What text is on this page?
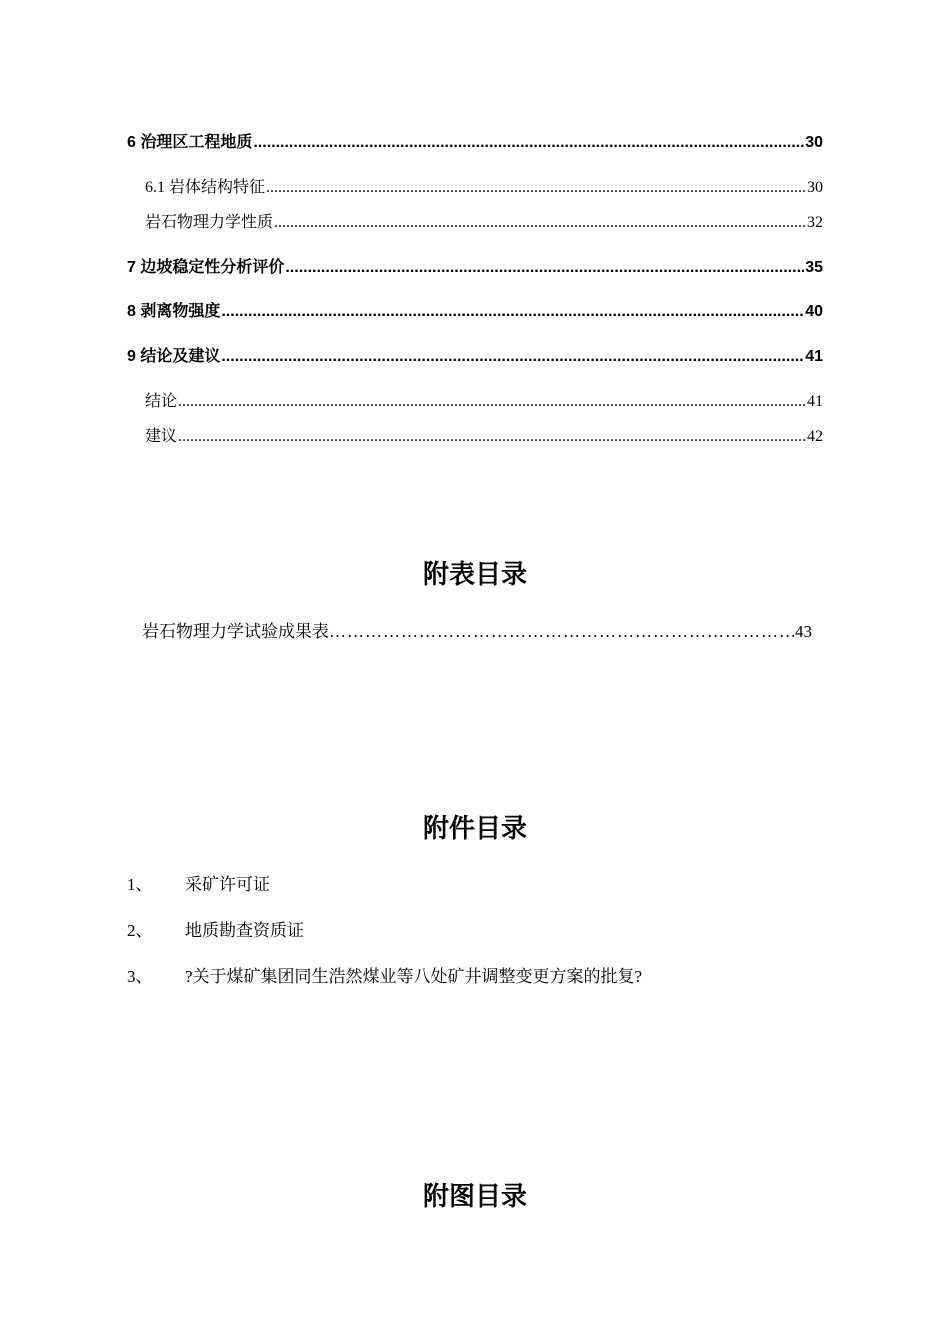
6 治理区工程地质 .....	30
6.1 岩体结构特征 .....	30
岩石物理力学性质 .....	32
7 边坡稳定性分析评价 .....	35
8 剥离物强度 .....	40
9 结论及建议 .....	41
结论 .....	41
建议 .....	42
附表目录
岩石物理力学试验成果表 ………………………………………………………………………………………………………………………………………………	43
附件目录
1、 采矿许可证
2、 地质勘查资质证
3、 ?关于煤矿集团同生浩然煤业等八处矿井调整变更方案的批复?
附图目录
